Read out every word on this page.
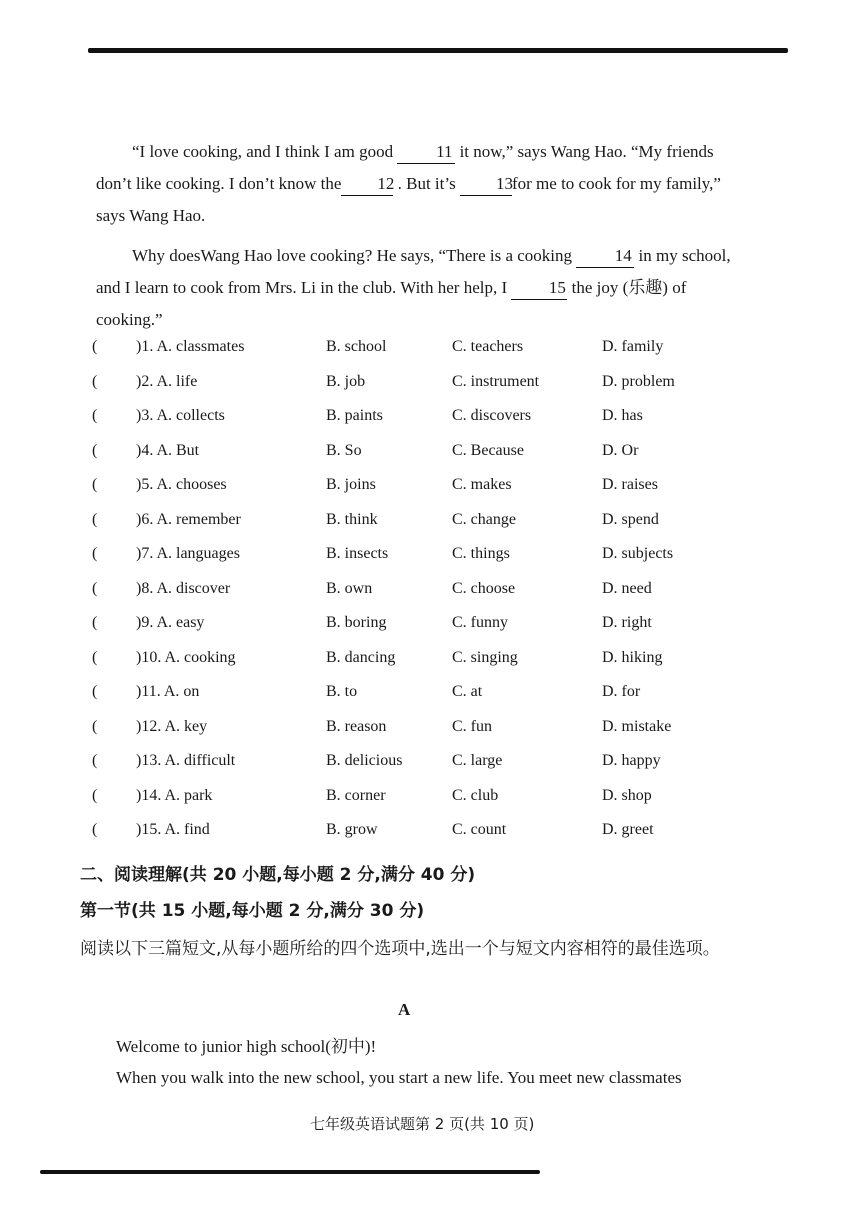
“I love cooking, and I think I am good	11 it now,” says Wang Hao. “My friends don’t like cooking. I don’t know the 12 . But it’s 13for me to cook for my family,” says Wang Hao.
Why doesWang Hao love cooking? He says, “There is a cooking	14 in my school, and I learn to cook from Mrs. Li in the club. With her help, I 15 the joy (乐趣) of cooking.”
( )1. A. classmates	B. school	C. teachers	D. family
( )2. A. life	B. job	C. instrument	D. problem
( )3. A. collects	B. paints	C. discovers	D. has
( )4. A. But	B. So	C. Because	D. Or
( )5. A. chooses	B. joins	C. makes	D. raises
( )6. A. remember	B. think	C. change	D. spend
( )7. A. languages	B. insects	C. things	D. subjects
( )8. A. discover	B. own	C. choose	D. need
( )9. A. easy	B. boring	C. funny	D. right
( )10. A. cooking	B. dancing	C. singing	D. hiking
( )11. A. on	B. to	C. at	D. for
( )12. A. key	B. reason	C. fun	D. mistake
( )13. A. difficult	B. delicious	C. large	D. happy
( )14. A. park	B. corner	C. club	D. shop
( )15. A. find	B. grow	C. count	D. greet
二、阅读理解(共 20 小题,每小题 2 分,满分 40 分)
第一节(共 15 小题,每小题 2 分,满分 30 分)
阅读以下三篇短文,从每小题所给的四个选项中,选出一个与短文内容相符的最佳选项。
A
Welcome to junior high school(初中)!
When you walk into the new school, you start a new life. You meet new classmates
七年级英语试题第 2 页(共 10 页)
